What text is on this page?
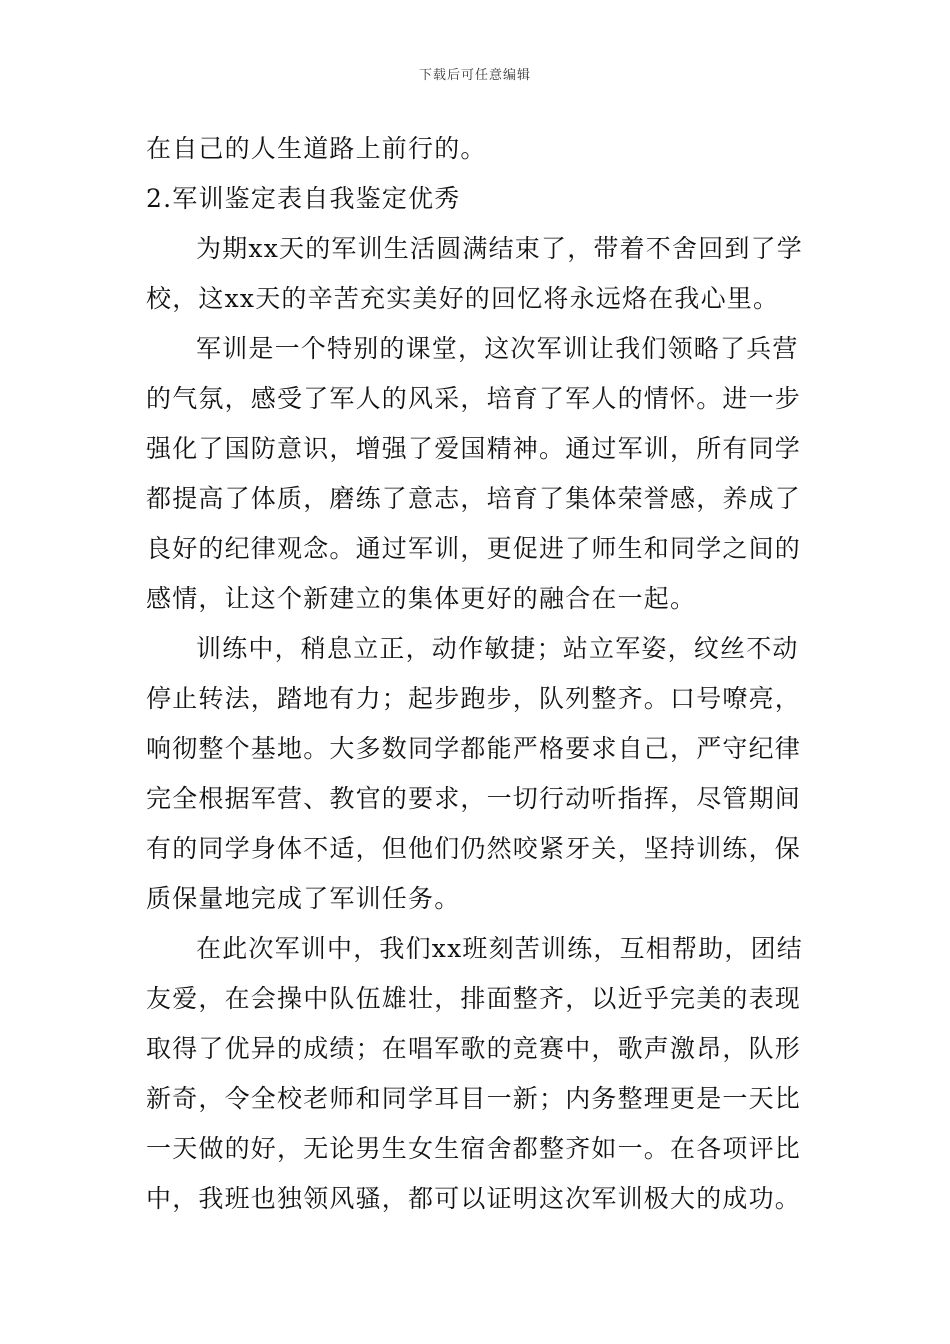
下载后可任意编辑
在自己的人生道路上前行的。
2.军训鉴定表自我鉴定优秀
为期xx天的军训生活圆满结束了，带着不舍回到了学
校，这xx天的辛苦充实美好的回忆将永远烙在我心里。
军训是一个特别的课堂，这次军训让我们领略了兵营
的气氛，感受了军人的风采，培育了军人的情怀。进一步
强化了国防意识，增强了爱国精神。通过军训，所有同学
都提高了体质，磨练了意志，培育了集体荣誉感，养成了
良好的纪律观念。通过军训，更促进了师生和同学之间的
感情，让这个新建立的集体更好的融合在一起。
训练中，稍息立正，动作敏捷；站立军姿，纹丝不动
停止转法，踏地有力；起步跑步，队列整齐。口号嘹亮，
响彻整个基地。大多数同学都能严格要求自己，严守纪律
完全根据军营、教官的要求，一切行动听指挥，尽管期间
有的同学身体不适，但他们仍然咬紧牙关，坚持训练，保
质保量地完成了军训任务。
在此次军训中，我们xx班刻苦训练，互相帮助，团结
友爱，在会操中队伍雄壮，排面整齐，以近乎完美的表现
取得了优异的成绩；在唱军歌的竞赛中，歌声激昂，队形
新奇，令全校老师和同学耳目一新；内务整理更是一天比
一天做的好，无论男生女生宿舍都整齐如一。在各项评比
中，我班也独领风骚，都可以证明这次军训极大的成功。
